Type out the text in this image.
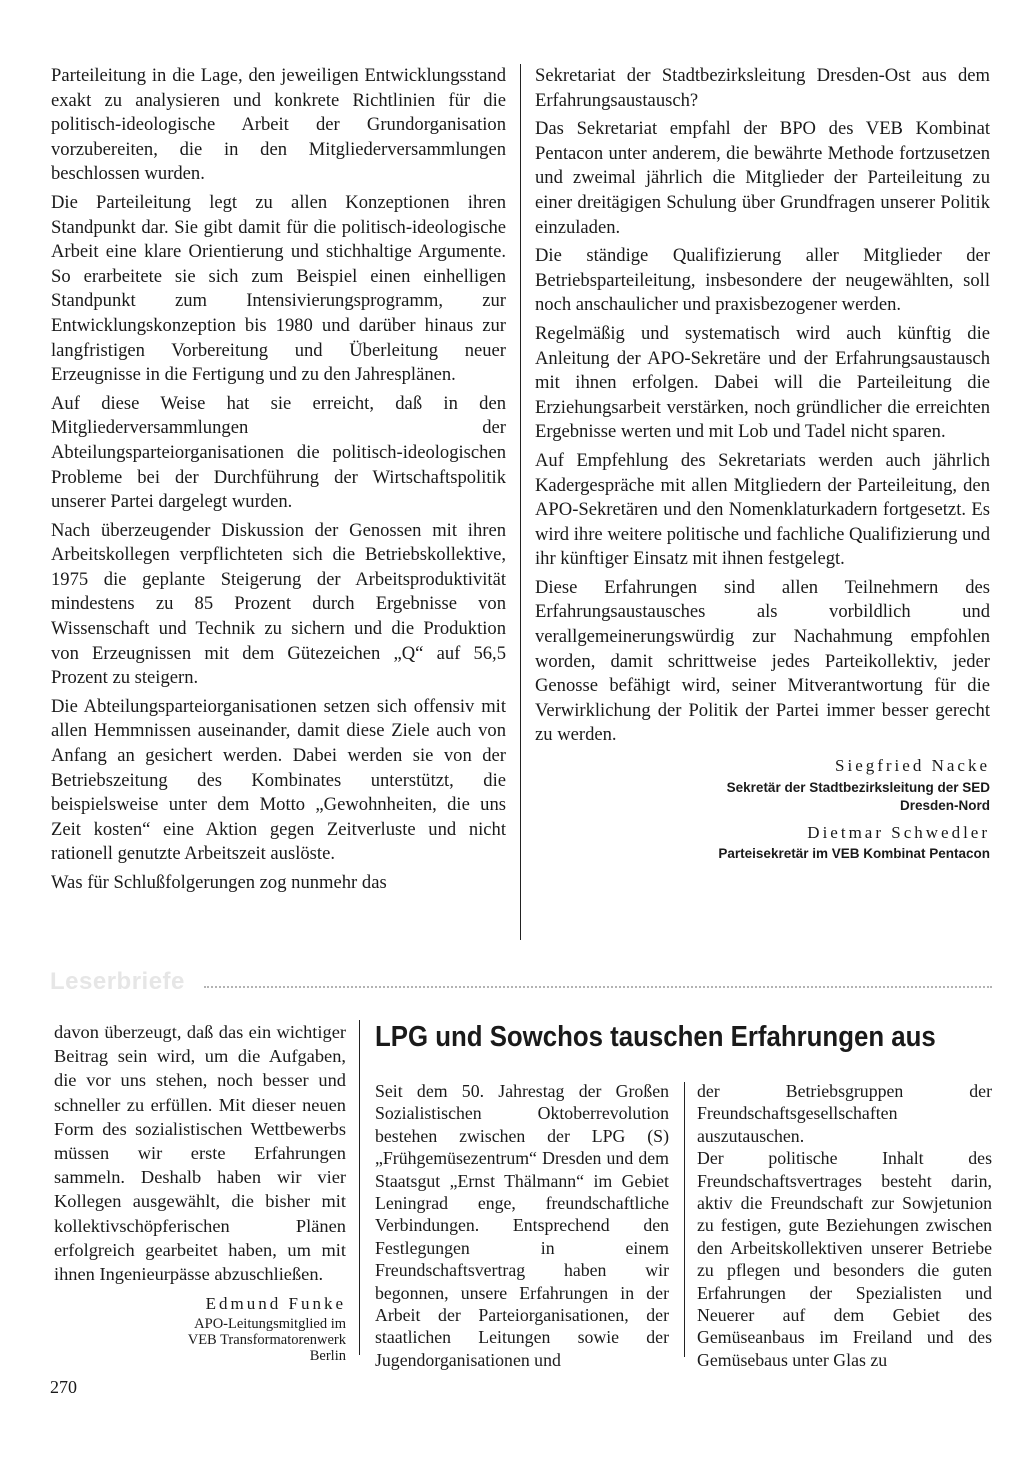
Parteileitung in die Lage, den jeweiligen Entwicklungsstand exakt zu analysieren und konkrete Richtlinien für die politisch-ideologische Arbeit der Grundorganisation vorzubereiten, die in den Mitgliederversammlungen beschlossen wurden.

Die Parteileitung legt zu allen Konzeptionen ihren Standpunkt dar. Sie gibt damit für die politisch-ideologische Arbeit eine klare Orientierung und stichhaltige Argumente. So erarbeitete sie sich zum Beispiel einen einhelligen Standpunkt zum Intensivierungsprogramm, zur Entwicklungskonzeption bis 1980 und darüber hinaus zur langfristigen Vorbereitung und Überleitung neuer Erzeugnisse in die Fertigung und zu den Jahresplänen.

Auf diese Weise hat sie erreicht, daß in den Mitgliederversammlungen der Abteilungsparteiorganisationen die politisch-ideologischen Probleme bei der Durchführung der Wirtschaftspolitik unserer Partei dargelegt wurden.

Nach überzeugender Diskussion der Genossen mit ihren Arbeitskollegen verpflichteten sich die Betriebskollektive, 1975 die geplante Steigerung der Arbeitsproduktivität mindestens zu 85 Prozent durch Ergebnisse von Wissenschaft und Technik zu sichern und die Produktion von Erzeugnissen mit dem Gütezeichen „Q“ auf 56,5 Prozent zu steigern.

Die Abteilungsparteiorganisationen setzen sich offensiv mit allen Hemmnissen auseinander, damit diese Ziele auch von Anfang an gesichert werden. Dabei werden sie von der Betriebszeitung des Kombinates unterstützt, die beispielsweise unter dem Motto „Gewohnheiten, die uns Zeit kosten“ eine Aktion gegen Zeitverluste und nicht rationell genutzte Arbeitszeit auslöste.

Was für Schlußfolgerungen zog nunmehr das

Sekretariat der Stadtbezirksleitung Dresden-Ost aus dem Erfahrungsaustausch?

Das Sekretariat empfahl der BPO des VEB Kombinat Pentacon unter anderem, die bewährte Methode fortzusetzen und zweimal jährlich die Mitglieder der Parteileitung zu einer dreitägigen Schulung über Grundfragen unserer Politik einzuladen.

Die ständige Qualifizierung aller Mitglieder der Betriebsparteileitung, insbesondere der neugewählten, soll noch anschaulicher und praxisbezogener werden.

Regelmäßig und systematisch wird auch künftig die Anleitung der APO-Sekretäre und der Erfahrungsaustausch mit ihnen erfolgen. Dabei will die Parteileitung die Erziehungsarbeit verstärken, noch gründlicher die erreichten Ergebnisse werten und mit Lob und Tadel nicht sparen.

Auf Empfehlung des Sekretariats werden auch jährlich Kadergespräche mit allen Mitgliedern der Parteileitung, den APO-Sekretären und den Nomenklaturkadern fortgesetzt. Es wird ihre weitere politische und fachliche Qualifizierung und ihr künftiger Einsatz mit ihnen festgelegt.

Diese Erfahrungen sind allen Teilnehmern des Erfahrungsaustausches als vorbildlich und verallgemeinerungswürdig zur Nachahmung empfohlen worden, damit schrittweise jedes Parteikollektiv, jeder Genosse befähigt wird, seiner Mitverantwortung für die Verwirklichung der Politik der Partei immer besser gerecht zu werden.

Siegfried Nacke
Sekretär der Stadtbezirksleitung der SED
Dresden-Nord
Dietmar Schwedler
Parteisekretär im VEB Kombinat Pentacon
Leserbriefe

davon überzeugt, daß das ein wichtiger Beitrag sein wird, um die Aufgaben, die vor uns stehen, noch besser und schneller zu erfüllen. Mit dieser neuen Form des sozialistischen Wettbewerbs müssen wir erste Erfahrungen sammeln. Deshalb haben wir vier Kollegen ausgewählt, die bisher mit kollektivschöpferischen Plänen erfolgreich gearbeitet haben, um mit ihnen Ingenieurpässe abzuschließen.

Edmund Funke
APO-Leitungsmitglied im
VEB Transformatorenwerk
Berlin
LPG und Sowchos tauschen Erfahrungen aus

Seit dem 50. Jahrestag der Großen Sozialistischen Oktoberrevolution bestehen zwischen der LPG (S) „Frühgemüsezentrum“ Dresden und dem Staatsgut „Ernst Thälmann“ im Gebiet Leningrad enge, freundschaftliche Verbindungen. Entsprechend den Festlegungen in einem Freundschaftsvertrag haben wir begonnen, unsere Erfahrungen in der Arbeit der Parteiorganisationen, der staatlichen Leitungen sowie der Jugendorganisationen und

der Betriebsgruppen der Freundschaftsgesellschaften auszutauschen.

Der politische Inhalt des Freundschaftsvertrages besteht darin, aktiv die Freundschaft zur Sowjetunion zu festigen, gute Beziehungen zwischen den Arbeitskollektiven unserer Betriebe zu pflegen und besonders die guten Erfahrungen der Spezialisten und Neuerer auf dem Gebiet des Gemüseanbaus im Freiland und des Gemüsebaus unter Glas zu

270
